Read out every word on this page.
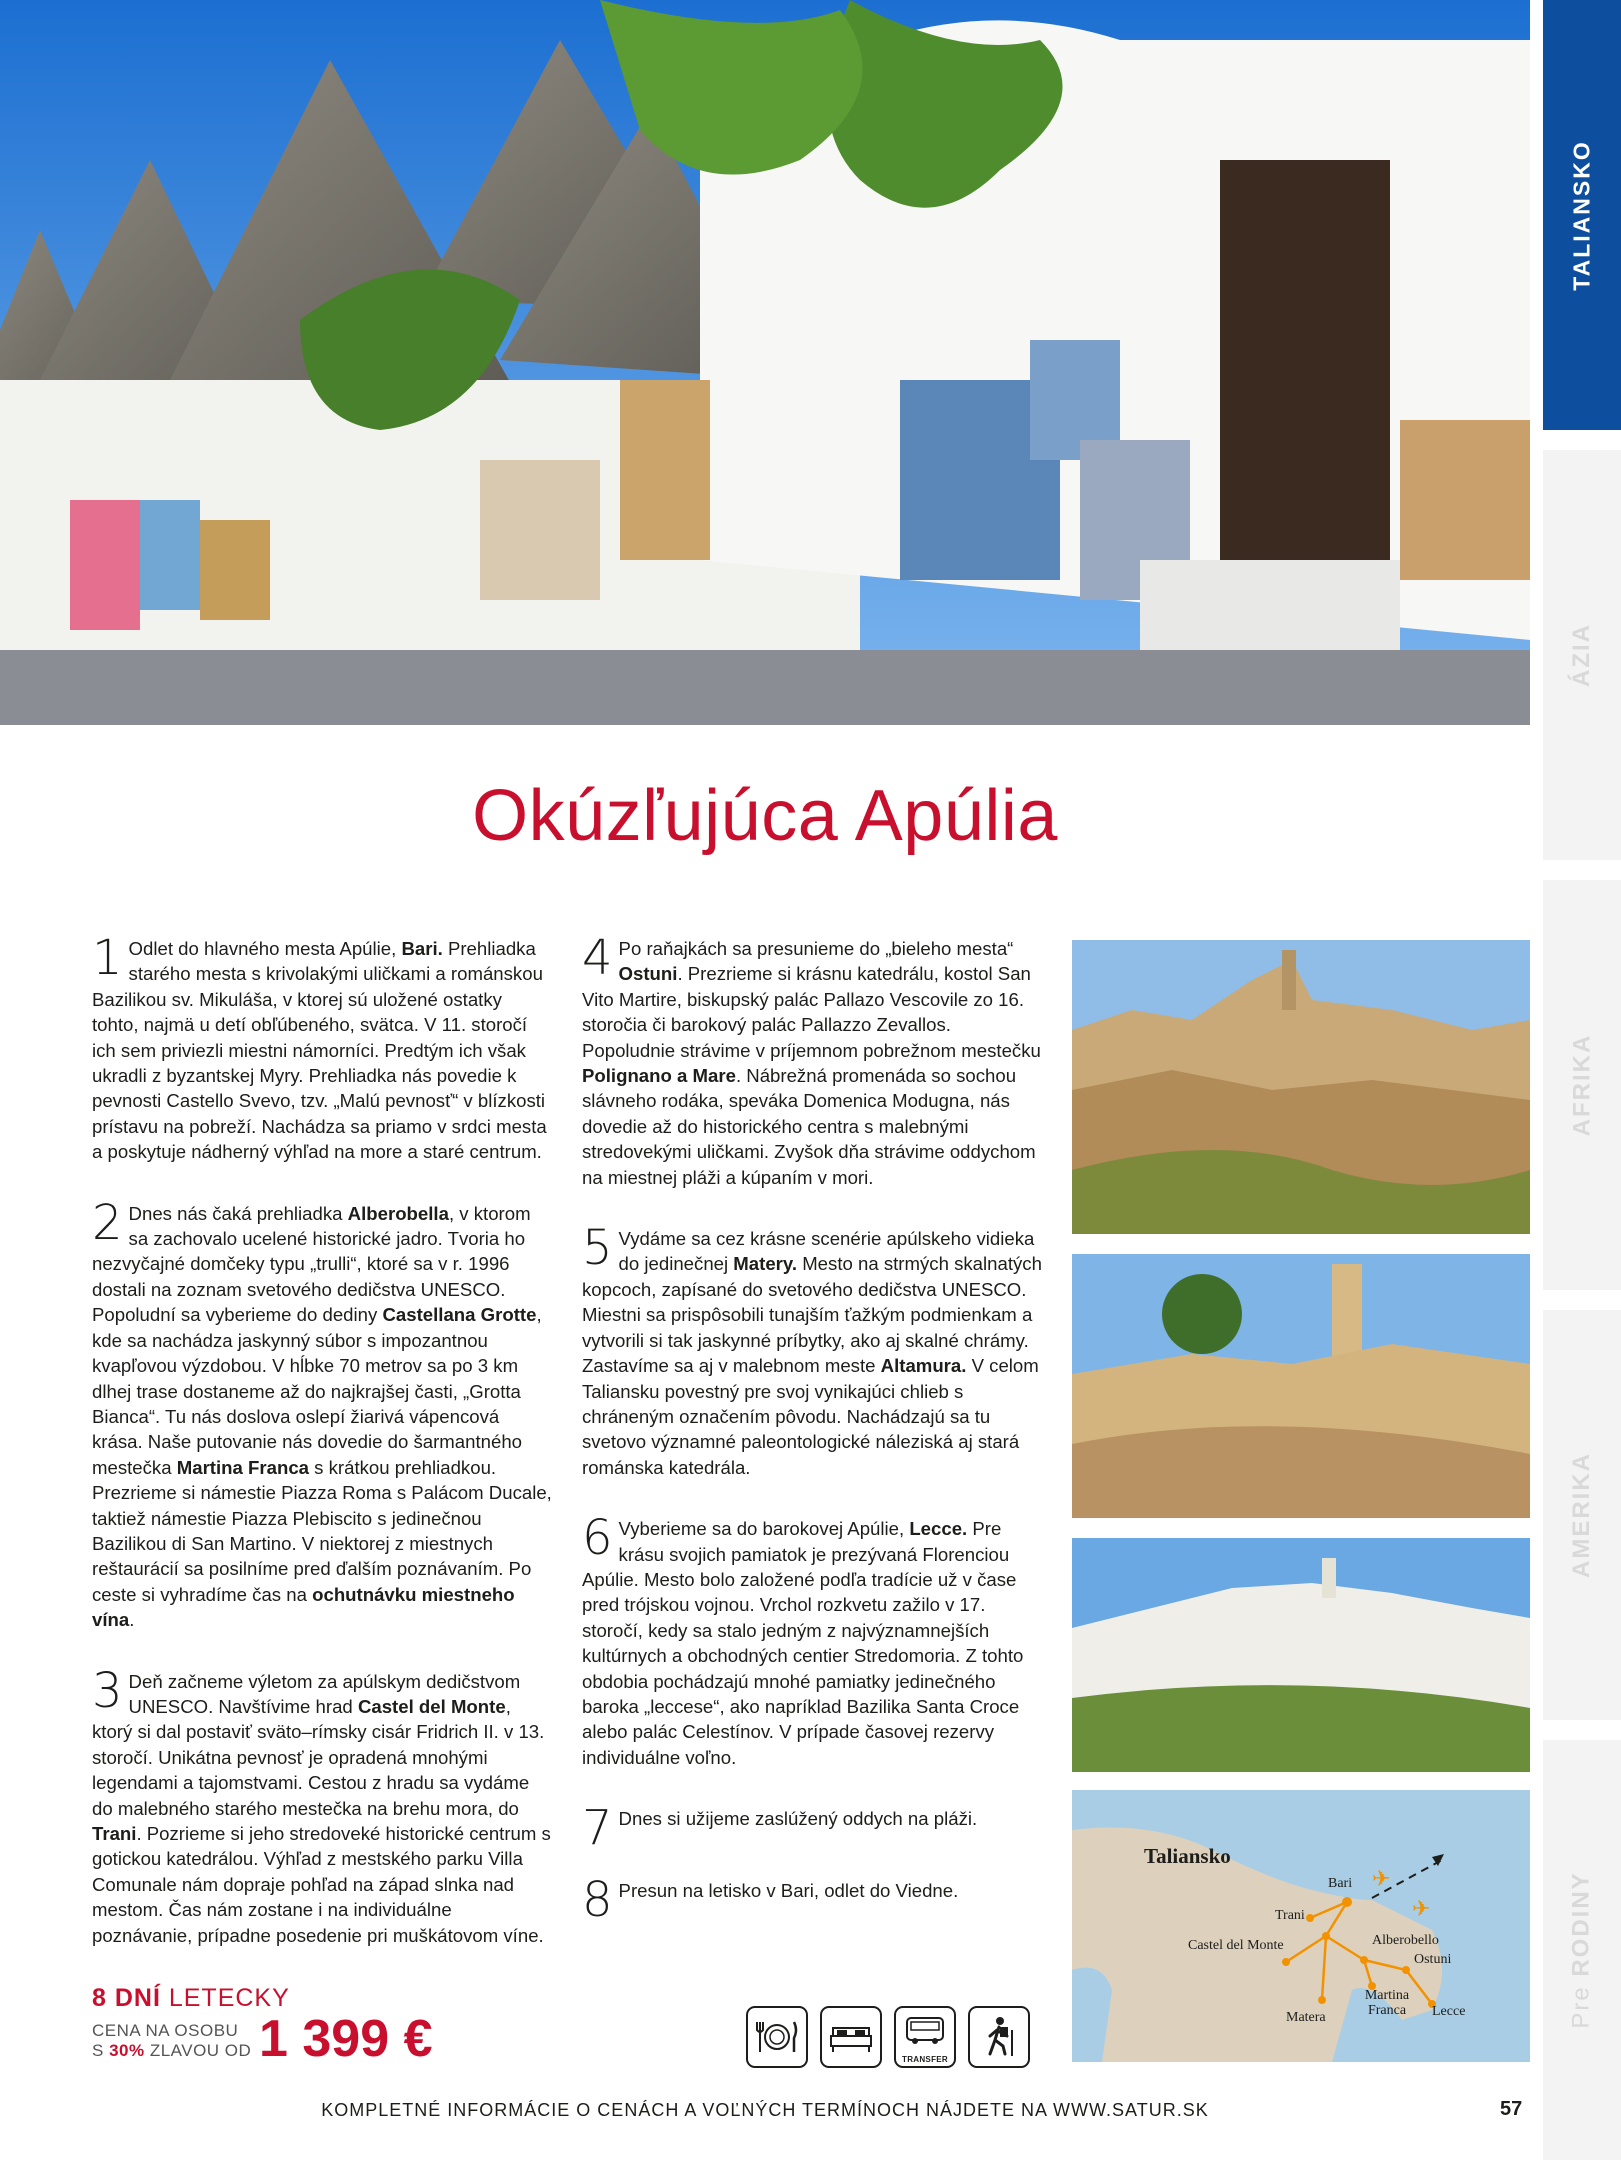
TALIANSKO
ÁZIA
AFRIKA
AMERIKA
Pre RODINY
Okúzľujúca Apúlia
1 Odlet do hlavného mesta Apúlie, Bari. Prehliadka starého mesta s krivolakými uličkami a románskou Bazilikou sv. Mikuláša, v ktorej sú uložené ostatky tohto, najmä u detí obľúbeného, svätca. V 11. storočí ich sem priviezli miestni námorníci. Predtým ich však ukradli z byzantskej Myry. Prehliadka nás povedie k pevnosti Castello Svevo, tzv. „Malú pevnosť“ v blízkosti prístavu na pobreží. Nachádza sa priamo v srdci mesta a poskytuje nádherný výhľad na more a staré centrum.
2 Dnes nás čaká prehliadka Alberobella, v ktorom sa zachovalo ucelené historické jadro. Tvoria ho nezvyčajné domčeky typu „trulli“, ktoré sa v r. 1996 dostali na zoznam svetového dedičstva UNESCO. Popoludní sa vyberieme do dediny Castellana Grotte, kde sa nachádza jaskynný súbor s impozantnou kvapľovou výzdobou. V hĺbke 70 metrov sa po 3 km dlhej trase dostaneme až do najkrajšej časti, „Grotta Bianca“. Tu nás doslova oslepí žiarivá vápencová krása. Naše putovanie nás dovedie do šarmantného mestečka Martina Franca s krátkou prehliadkou. Prezrieme si námestie Piazza Roma s Palácom Ducale, taktiež námestie Piazza Plebiscito s jedinečnou Bazilikou di San Martino. V niektorej z miestnych reštaurácií sa posilníme pred ďalším poznávaním. Po ceste si vyhradíme čas na ochutnávku miestneho vína.
3 Deň začneme výletom za apúlskym dedičstvom UNESCO. Navštívime hrad Castel del Monte, ktorý si dal postaviť sväto–rímsky cisár Fridrich II. v 13. storočí. Unikátna pevnosť je opradená mnohými legendami a tajomstvami. Cestou z hradu sa vydáme do malebného starého mestečka na brehu mora, do Trani. Pozrieme si jeho stredoveké historické centrum s gotickou katedrálou. Výhľad z mestského parku Villa Comunale nám dopraje pohľad na západ slnka nad mestom. Čas nám zostane i na individuálne poznávanie, prípadne posedenie pri muškátovom víne.
4 Po raňajkách sa presunieme do „bieleho mesta“ Ostuni. Prezrieme si krásnu katedrálu, kostol San Vito Martire, biskupský palác Pallazo Vescovile zo 16. storočia či barokový palác Pallazzo Zevallos. Popoludnie strávime v príjemnom pobrežnom mestečku Polignano a Mare. Nábrežná promenáda so sochou slávneho rodáka, speváka Domenica Modugna, nás dovedie až do historického centra s malebnými stredovekými uličkami. Zvyšok dňa strávime oddychom na miestnej pláži a kúpaním v mori.
5 Vydáme sa cez krásne scenérie apúlskeho vidieka do jedinečnej Matery. Mesto na strmých skalnatých kopcoch, zapísané do svetového dedičstva UNESCO. Miestni sa prispôsobili tunajším ťažkým podmienkam a vytvorili si tak jaskynné príbytky, ako aj skalné chrámy. Zastavíme sa aj v malebnom meste Altamura. V celom Taliansku povestný pre svoj vynikajúci chlieb s chráneným označením pôvodu. Nachádzajú sa tu svetovo významné paleontologické náleziská aj stará románska katedrála.
6 Vyberieme sa do barokovej Apúlie, Lecce. Pre krásu svojich pamiatok je prezývaná Florenciou Apúlie. Mesto bolo založené podľa tradície už v čase pred trójskou vojnou. Vrchol rozkvetu zažilo v 17. storočí, kedy sa stalo jedným z najvýznamnejších kultúrnych a obchodných centier Stredomoria. Z tohto obdobia pochádzajú mnohé pamiatky jedinečného baroka „leccese“, ako napríklad Bazilika Santa Croce alebo palác Celestínov. V prípade časovej rezervy individuálne voľno.
7 Dnes si užijeme zaslúžený oddych na pláži.
8 Presun na letisko v Bari, odlet do Viedne.	✈
✈
Taliansko
Bari
Trani
Castel del Monte	Alberobello
Ostuni
Martina Franca
Matera	Lecce
8 DNÍ LETECKY
CENA NA OSOBU
S 30% ZLAVOU OD 1 399 €	TRANSFER
KOMPLETNÉ INFORMÁCIE O CENÁCH A VOĽNÝCH TERMÍNOCH NÁJDETE NA WWW.SATUR.SK	57
